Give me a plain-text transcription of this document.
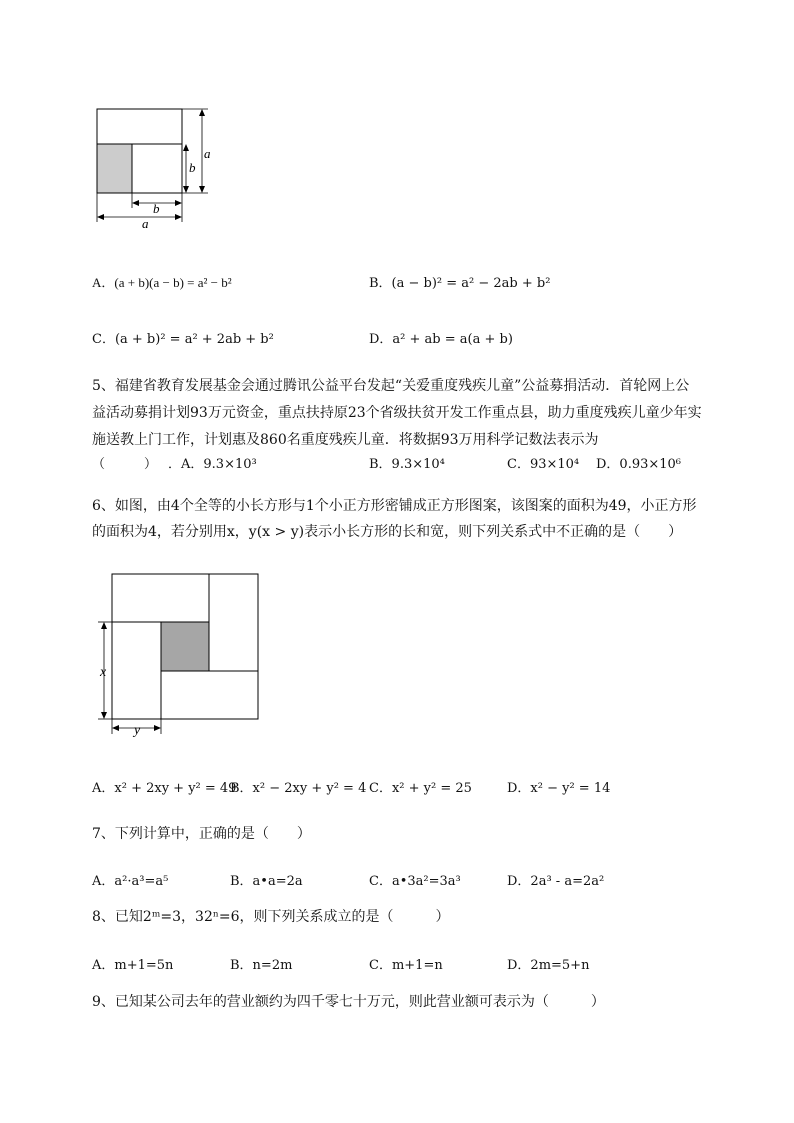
a
b
b
a
A．(a + b)(a − b) = a² − b²	B．(a − b)² = a² − 2ab + b²
C．(a + b)² = a² + 2ab + b²	D．a² + ab = a(a + b)
5、福建省教育发展基金会通过腾讯公益平台发起“关爱重度残疾儿童”公益募捐活动．首轮网上公
益活动募捐计划93万元资金，重点扶持原23个省级扶贫开发工作重点县，助力重度残疾儿童少年实
施送教上门工作，计划惠及860名重度残疾儿童．将数据93万用科学记数法表示为
（　　　） ．A．9.3×10³	B．9.3×10⁴	C．93×10⁴ D．0.93×10⁶
6、如图，由4个全等的小长方形与1个小正方形密铺成正方形图案，该图案的面积为49，小正方形
的面积为4，若分别用x，y(x > y)表示小长方形的长和宽，则下列关系式中不正确的是（　　）
x
y
A．x² + 2xy + y² = 49
B．x² − 2xy + y² = 4 C．x² + y² = 25	D．x² − y² = 14
7、下列计算中，正确的是（　　）
A．a²·a³=a⁵	B．a•a=2a	C．a•3a²=3a³	D．2a³ - a=2a²
8、已知2ᵐ=3，32ⁿ=6，则下列关系成立的是（　　　）
A．m+1=5n	B．n=2m	C．m+1=n	D．2m=5+n
9、已知某公司去年的营业额约为四千零七十万元，则此营业额可表示为（　　　）
